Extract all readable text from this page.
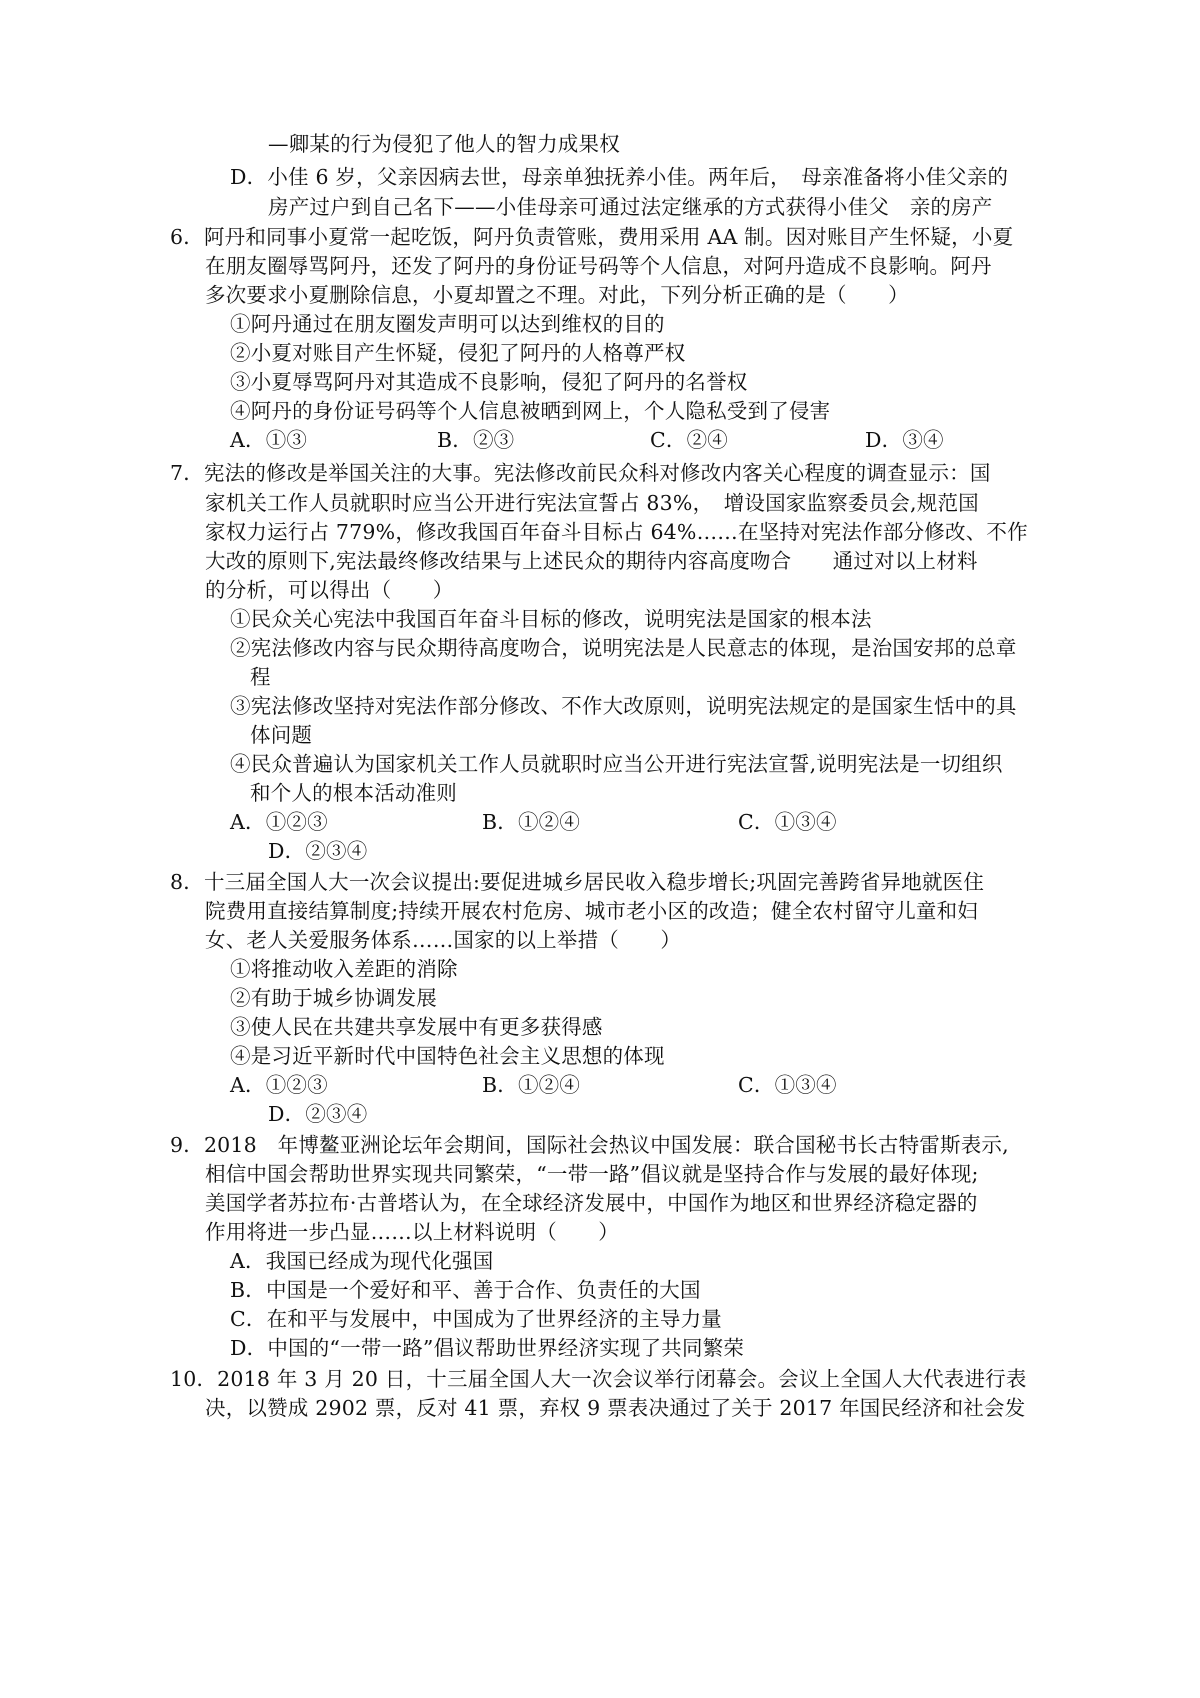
—卿某的行为侵犯了他人的智力成果权
D．小佳 6 岁，父亲因病去世，母亲单独抚养小佳。两年后，　母亲准备将小佳父亲的
房产过户到自己名下——小佳母亲可通过法定继承的方式获得小佳父　亲的房产
6．阿丹和同事小夏常一起吃饭，阿丹负责管账，费用采用 AA 制。因对账目产生怀疑，小夏
在朋友圈辱骂阿丹，还发了阿丹的身份证号码等个人信息，对阿丹造成不良影响。阿丹
多次要求小夏删除信息，小夏却置之不理。对此，下列分析正确的是（　　）
①阿丹通过在朋友圈发声明可以达到维权的目的
②小夏对账目产生怀疑，侵犯了阿丹的人格尊严权
③小夏辱骂阿丹对其造成不良影响，侵犯了阿丹的名誉权
④阿丹的身份证号码等个人信息被晒到网上，个人隐私受到了侵害
A．①③	B．②③	C．②④	D．③④
7．宪法的修改是举国关注的大事。宪法修改前民众科对修改内客关心程度的调查显示：国
家机关工作人员就职时应当公开进行宪法宣誓占 83%，　增设国家监察委员会,规范国
家权力运行占 779%，修改我国百年奋斗目标占 64%……在坚持对宪法作部分修改、不作
大改的原则下,宪法最终修改结果与上述民众的期待内容高度吻合　　通过对以上材料
的分析，可以得出（　　）
①民众关心宪法中我国百年奋斗目标的修改，说明宪法是国家的根本法
②宪法修改内容与民众期待高度吻合，说明宪法是人民意志的体现，是治国安邦的总章
程
③宪法修改坚持对宪法作部分修改、不作大改原则，说明宪法规定的是国家生恬中的具
体问题
④民众普遍认为国家机关工作人员就职时应当公开进行宪法宣誓,说明宪法是一切组织
和个人的根本活动准则
A．①②③	B．①②④	C．①③④
D．②③④
8．十三届全国人大一次会议提出:要促进城乡居民收入稳步增长;巩固完善跨省异地就医住
院费用直接结算制度;持续开展农村危房、城市老小区的改造；健全农村留守儿童和妇
女、老人关爱服务体系……国家的以上举措（　　）
①将推动收入差距的消除
②有助于城乡协调发展
③使人民在共建共享发展中有更多获得感
④是习近平新时代中国特色社会主义思想的体现
A．①②③	B．①②④	C．①③④
D．②③④
9．2018　年博鳌亚洲论坛年会期间，国际社会热议中国发展：联合国秘书长古特雷斯表示,
相信中国会帮助世界实现共同繁荣，“一带一路”倡议就是坚持合作与发展的最好体现;
美国学者苏拉布·古普塔认为，在全球经济发展中，中国作为地区和世界经济稳定器的
作用将进一步凸显……以上材料说明（　　）
A．我国已经成为现代化强国
B．中国是一个爱好和平、善于合作、负责任的大国
C．在和平与发展中，中国成为了世界经济的主导力量
D．中国的“一带一路”倡议帮助世界经济实现了共同繁荣
10．2018 年 3 月 20 日，十三届全国人大一次会议举行闭幕会。会议上全国人大代表进行表
决，以赞成 2902 票，反对 41 票，弃权 9 票表决通过了关于 2017 年国民经济和社会发
